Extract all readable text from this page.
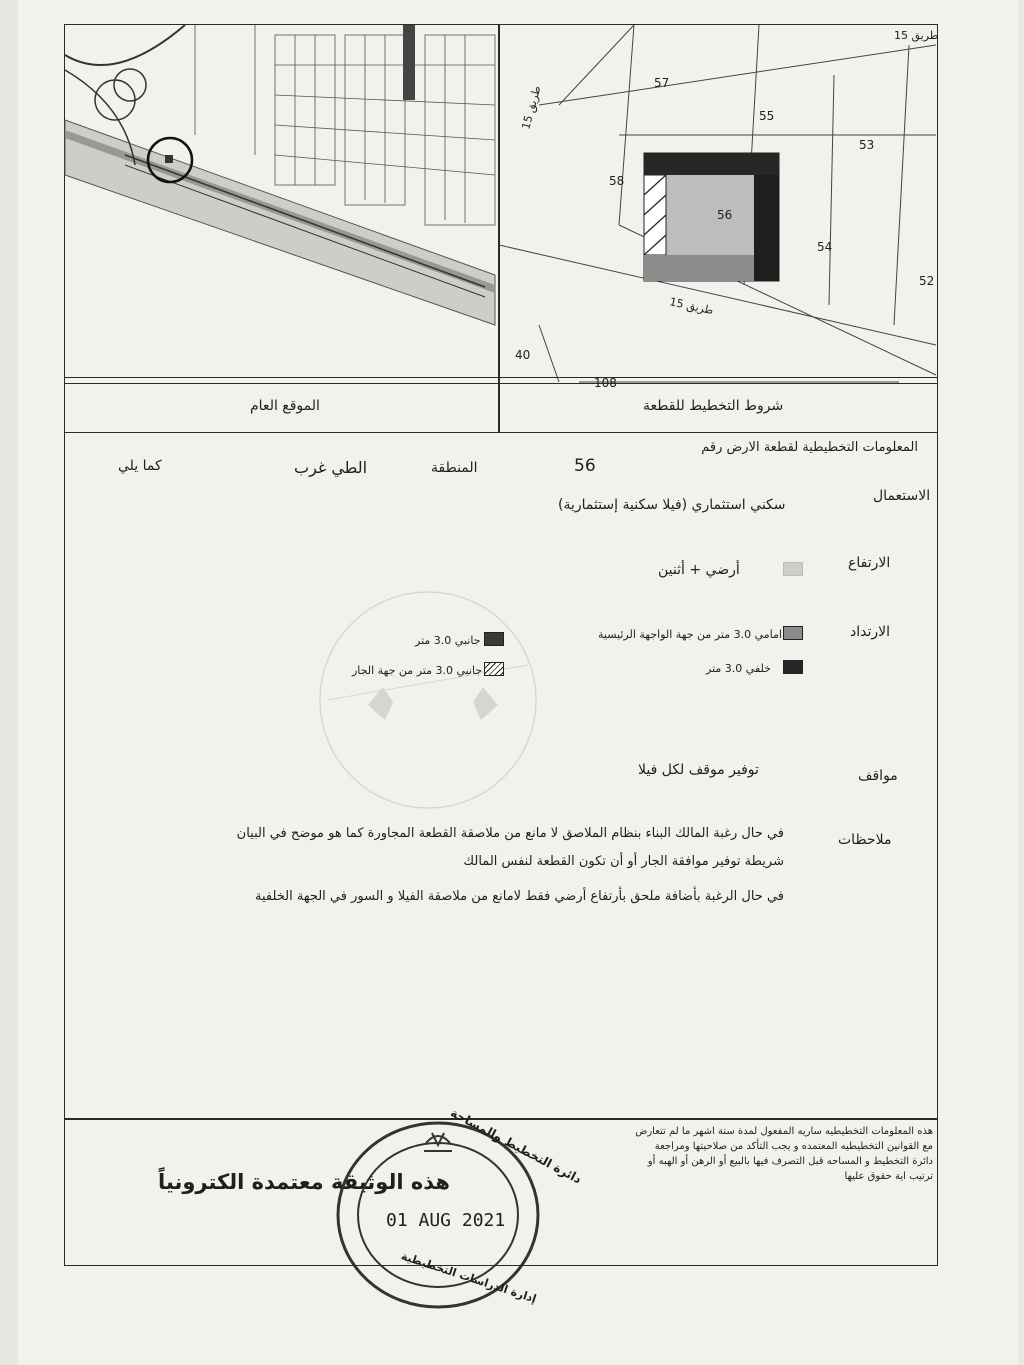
57
55
53
58
56
54
52
40
108
طريق 15
طريق 15
طريق 15
شروط التخطيط للقطعة
الموقع العام
المعلومات التخطيطية لقطعة الارض رقم
56
المنطقة
الطي غرب
كما يلي
الاستعمال
سكني استثماري (فيلا سكنية إستثمارية)
الارتفاع
أرضي + أثنين
الارتداد
امامي 3.0 متر من جهة الواجهة الرئيسية
خلفي 3.0 متر
جانبي 3.0 متر
جانبي 3.0 متر من جهة الجار
مواقف
توفير موقف لكل فيلا
ملاحظات
في حال رغبة المالك البناء بنظام الملاصق لا مانع من ملاصقة القطعة المجاورة كما هو موضح في البيان
شريطة توفير موافقة الجار أو أن تكون القطعة لنفس المالك
في حال الرغبة بأضافة ملحق بأرتفاع أرضي فقط لامانع من ملاصقة الفيلا و السور في الجهة الخلفية
هذه المعلومات التخطيطيه ساريه المفعول لمدة ستة اشهر ما لم تتعارض
مع القوانين التخطيطيه المعتمده و يجب التأكد من صلاحيتها ومراجعة
دائرة التخطيط و المساحه قبل التصرف فيها بالبيع أو الرهن أو الهبه أو
ترتيب اية حقوق عليها
هذه الوثيقة معتمدة الكترونياً
دائرة التخطيط والمساحة
إدارة الدراسات التخطيطية
01 AUG 2021
